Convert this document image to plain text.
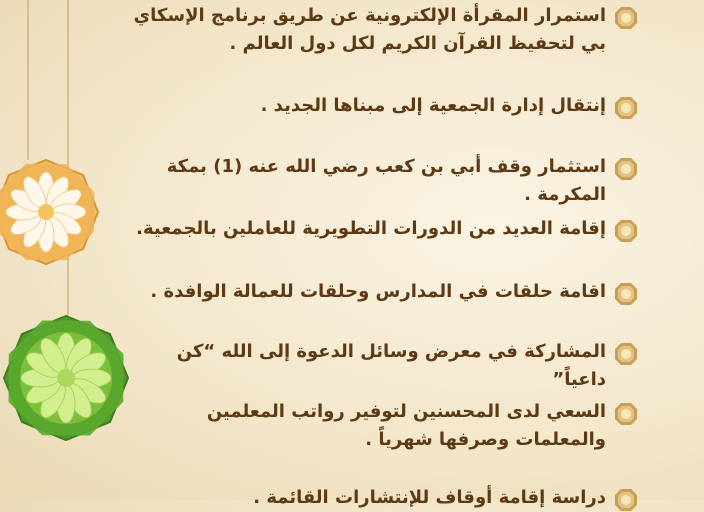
استمرار المقرأة الإلكترونية عن طريق برنامج الإسكاي بي لتحفيظ القرآن الكريم لكل دول العالم .
إنتقال إدارة الجمعية إلى مبناها الجديد .
استثمار وقف أبي بن كعب رضي الله عنه (1) بمكة المكرمة .
إقامة العديد من الدورات التطويرية للعاملين بالجمعية.
اقامة حلقات في المدارس وحلقات للعمالة الوافدة .
المشاركة في معرض وسائل الدعوة إلى الله “كن داعياً”
السعي لدى المحسنين لتوفير رواتب المعلمين والمعلمات وصرفها شهرياً .
دراسة إقامة أوقاف للإنتشارات القائمة .
